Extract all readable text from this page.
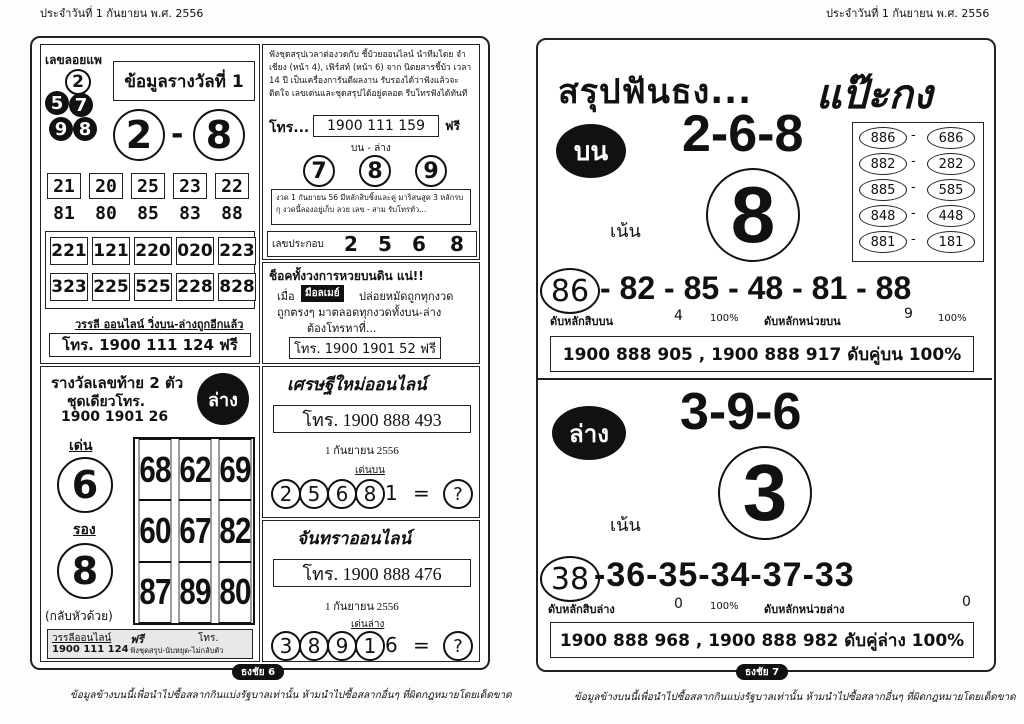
ประจำวันที่ 1 กันยายน พ.ศ. 2556	ประจำวันที่ 1 กันยายน พ.ศ. 2556
เลขลอยแพ
2
5 7
9 8
ข้อมูลรางวัลที่ 1
2 - 8
21	20	25	23	22
81	80	85	83	88
221 121 220 020 223
323 225 525 228 828
วรรลี ออนไลน์ วิ่งบน-ล่างถูกอีกแล้ว
โทร. 1900 111 124 ฟรี
ฟังชุดสรุปเวลาต่องวดกับ ชี้บ้วยออนไลน์ นำทีมโดย จำเชียง (หน้า 4), เฟิร์สท์ (หน้า 6) จาก นิตยสารชี้บ้ว เวลา 14 ปี เป็นเครื่องการันตีผลงาน รับรองได้ว่าฟังแล้วจะติดใจ เลขเด่นและชุดสรุปได้อยู่ตลอด รีบโทรฟังได้ทันที
โทร...	1900 111 159	ฟรี
บน - ล่าง
7	8	9
งวด 1 กันยายน 56 มีหลักสิบชิ้งและคู่ มาริสนสูด 3 หลักรบกุ งวดนี้ลองอยู่เก็บ ลวย เลข - สาม รับโทรทั่ว...
เลขประกอบ 2 5 6 8
ช็อคทั้งวงการหวยบนดิน แน่!!
เมื่อ	มือลเมย์	ปล่อยหมัดถูกทุกงวด
ถูกตรงๆ มาตลอดทุกงวดทั้งบน-ล่าง
ต้องโทรหาที่...
โทร. 1900 1901 52 ฟรี
รางวัลเลขท้าย 2 ตัว
ชุดเดียวโทร.
1900 1901 26
ล่าง
เด่น
6
รอง
8
(กลับหัวด้วย)
68 62 69
60 67 82
87 89 80
วรรลีออนไลน์ ฟรี	โทร.
1900 111 124 ฟังชุดสรุป-นับหยุด-ไม่กลับตัว
เศรษฐีใหม่ออนไลน์
โทร. 1900 888 493
1 กันยายน 2556
เด่นบน
2 5 6 8 1 =	?
จันทราออนไลน์
โทร. 1900 888 476
1 กันยายน 2556
เด่นล่าง
3 8 9 1 6 =	?
ธงชัย 6
ข้อมูลข้างบนนี้เพื่อนำไปซื้อสลากกินแบ่งรัฐบาลเท่านั้น ห้ามนำไปซื้อสลากอื่นๆ ที่ผิดกฎหมายโดยเด็ดขาด
สรุปฟันธง... แป๊ะกง
บน	2-6-8
8
เน้น
886	-	686
882	-	282
885	-	585
848	-	448
881	-	181
86 - 82 - 85 - 48 - 81 - 88
ดับหลักสิบบน	4	100% ดับหลักหน่วยบน	9	100%
1900 888 905 , 1900 888 917 ดับคู่บน 100%
ล่าง	3-9-6
3
เน้น
38 -36-35-34-37-33
ดับหลักสิบล่าง	0	100% ดับหลักหน่วยล่าง	0
1900 888 968 , 1900 888 982 ดับคู่ล่าง 100%
ธงชัย 7
ข้อมูลข้างบนนี้เพื่อนำไปซื้อสลากกินแบ่งรัฐบาลเท่านั้น ห้ามนำไปซื้อสลากอื่นๆ ที่ผิดกฎหมายโดยเด็ดขาด
